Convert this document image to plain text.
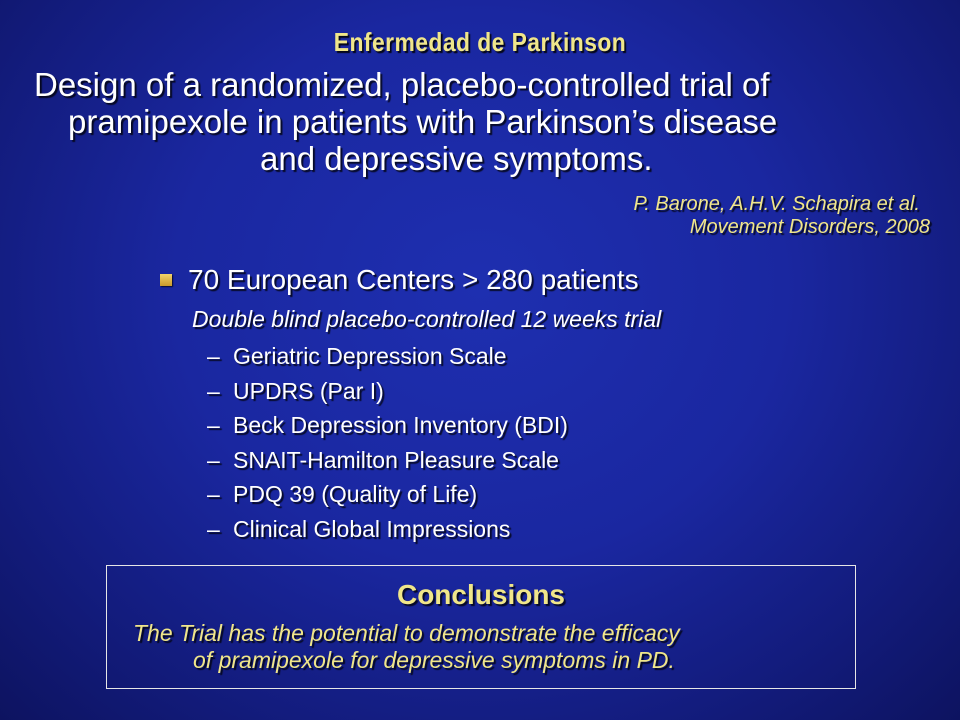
Enfermedad de Parkinson
Design of a randomized, placebo-controlled trial of
pramipexole in patients with Parkinson’s disease
and depressive symptoms.
P. Barone, A.H.V. Schapira et al.
Movement Disorders, 2008
70 European Centers > 280 patients
Double blind placebo-controlled 12 weeks trial
– Geriatric Depression Scale
– UPDRS (Par I)
– Beck Depression Inventory (BDI)
– SNAIT-Hamilton Pleasure Scale
– PDQ 39 (Quality of Life)
– Clinical Global Impressions
Conclusions
The Trial has the potential to demonstrate the efficacy
of pramipexole for depressive symptoms in PD.
